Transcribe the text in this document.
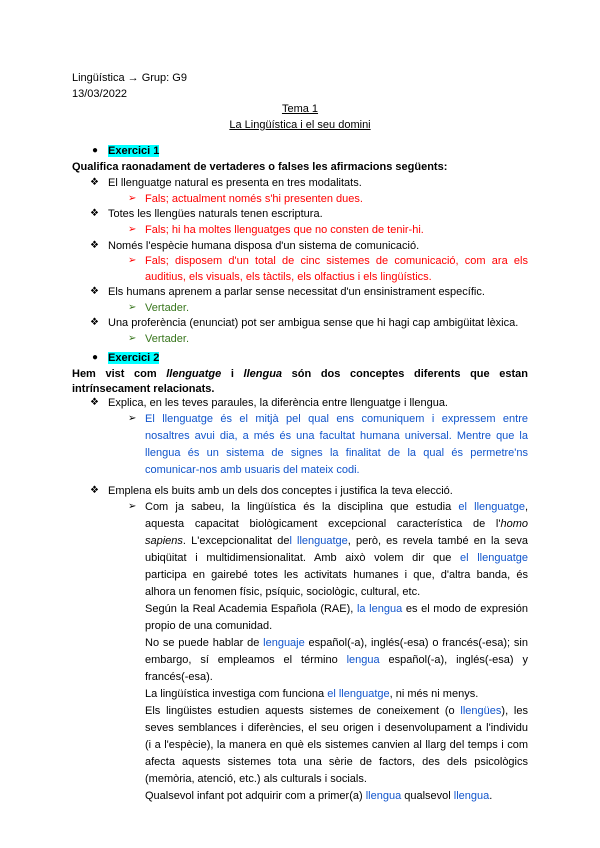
Lingüística → Grup: G9
13/03/2022
Tema 1
La Lingüística i el seu domini
● Exercici 1
Qualifica raonadament de vertaderes o falses les afirmacions següents:
❖ El llenguatge natural es presenta en tres modalitats.
➢ Fals; actualment només s'hi presenten dues.
❖ Totes les llengües naturals tenen escriptura.
➢ Fals; hi ha moltes llenguatges que no consten de tenir-hi.
❖ Només l'espècie humana disposa d'un sistema de comunicació.
➢ Fals; disposem d'un total de cinc sistemes de comunicació, com ara els
auditius, els visuals, els tàctils, els olfactius i els lingüístics.
❖ Els humans aprenem a parlar sense necessitat d'un ensinistrament específic.
➢ Vertader.
❖ Una proferència (enunciat) pot ser ambigua sense que hi hagi cap ambigüitat lèxica.
➢ Vertader.
● Exercici 2
Hem vist com llenguatge i llengua són dos conceptes diferents que estan
intrínsecament relacionats.
❖ Explica, en les teves paraules, la diferència entre llenguatge i llengua.
➢ El llenguatge és el mitjà pel qual ens comuniquem i expressem entre
nosaltres avui dia, a més és una facultat humana universal. Mentre que la
llengua és un sistema de signes la finalitat de la qual és permetre'ns
comunicar-nos amb usuaris del mateix codi.
❖ Emplena els buits amb un dels dos conceptes i justifica la teva elecció.
➢ Com ja sabeu, la lingüística és la disciplina que estudia el llenguatge,
aquesta capacitat biològicament excepcional característica de l'homo
sapiens. L'excepcionalitat del llenguatge, però, es revela també en la seva
ubiqüitat i multidimensionalitat. Amb això volem dir que el llenguatge
participa en gairebé totes les activitats humanes i que, d'altra banda, és
alhora un fenomen físic, psíquic, sociològic, cultural, etc.
Según la Real Academia Española (RAE), la lengua es el modo de expresión
propio de una comunidad.
No se puede hablar de lenguaje español(-a), inglés(-esa) o francés(-esa); sin
embargo, sí empleamos el término lengua español(-a), inglés(-esa) y
francés(-esa).
La lingüística investiga com funciona el llenguatge, ni més ni menys.
Els lingüistes estudien aquests sistemes de coneixement (o llengües), les
seves semblances i diferències, el seu origen i desenvolupament a l'individu
(i a l'espècie), la manera en què els sistemes canvien al llarg del temps i com
afecta aquests sistemes tota una sèrie de factors, des dels psicològics
(memòria, atenció, etc.) als culturals i socials.
Qualsevol infant pot adquirir com a primer(a) llengua qualsevol llengua.
